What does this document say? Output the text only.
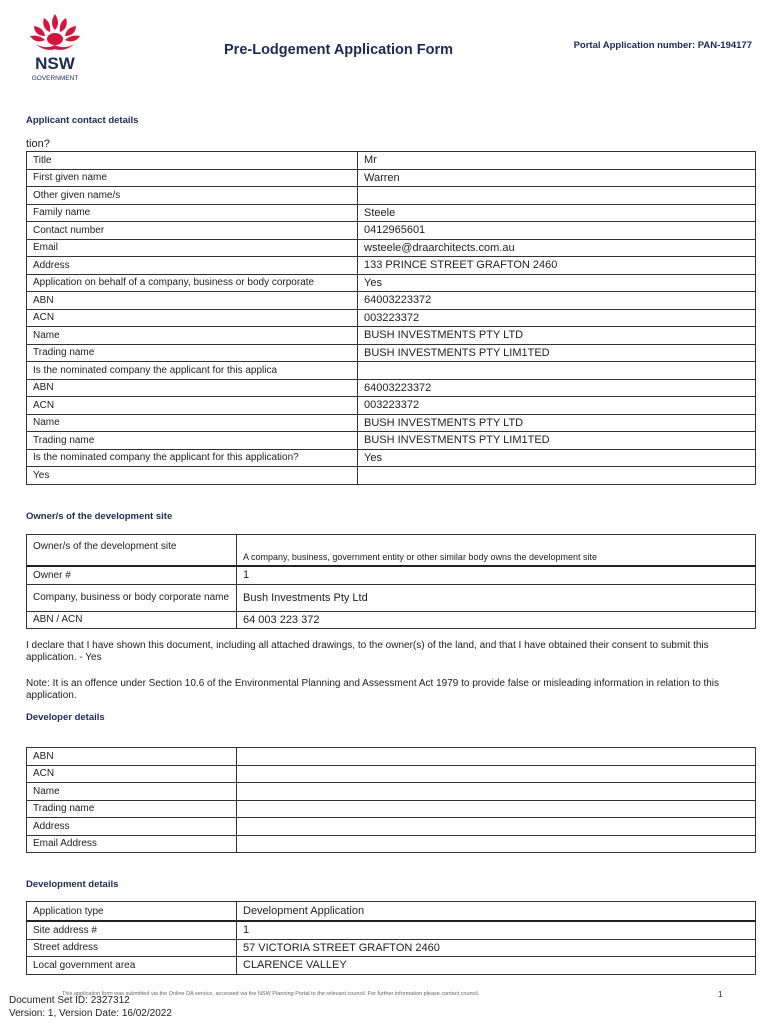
NSW
GOVERNMENT
Pre-Lodgement Application Form	Portal Application number: PAN-194177
Applicant contact details
tion?
Title	Mr
First given name	Warren
Other given name/s	
Family name	Steele
Contact number	0412965601
Email	wsteele@draarchitects.com.au
Address	133 PRINCE STREET GRAFTON 2460
Application on behalf of a company, business or body corporate	Yes
ABN	64003223372
ACN	003223372
Name	BUSH INVESTMENTS PTY LTD
Trading name	BUSH INVESTMENTS PTY LIM1TED
Is the nominated company the applicant for this applica	
ABN	64003223372
ACN	003223372
Name	BUSH INVESTMENTS PTY LTD
Trading name	BUSH INVESTMENTS PTY LIM1TED
Is the nominated company the applicant for this application?	Yes
Yes	
Owner/s of the development site
Owner/s of the development site	A company, business, government entity or other similar body owns the development site
Owner #	1
Company, business or body corporate name	Bush Investments Pty Ltd
ABN / ACN	64 003 223 372
I declare that I have shown this document, including all attached drawings, to the owner(s) of the land, and that I have obtained their consent to submit this application. - Yes
Note: It is an offence under Section 10.6 of the Environmental Planning and Assessment Act 1979 to provide false or misleading information in relation to this application.
Developer details
ABN	
ACN	
Name	
Trading name	
Address	
Email Address	
Development details
Application type	Development Application
Site address #	1
Street address	57 VICTORIA STREET GRAFTON 2460
Local government area	CLARENCE VALLEY
This application form was submitted via the Online DA service, accessed via the NSW Planning Portal to the relevant council. For further information please contact council.	1
Document Set ID: 2327312
Version: 1, Version Date: 16/02/2022
